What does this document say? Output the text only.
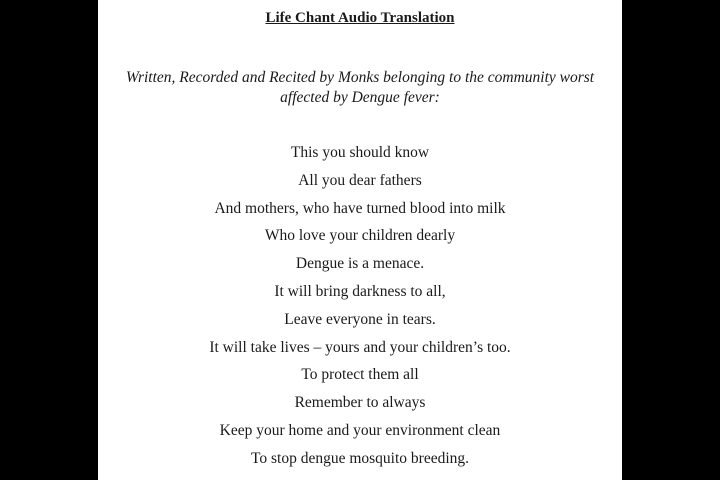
Life Chant Audio Translation

Written, Recorded and Recited by Monks belonging to the community worst
affected by Dengue fever:

This you should know
All you dear fathers
And mothers, who have turned blood into milk
Who love your children dearly
Dengue is a menace.
It will bring darkness to all,
Leave everyone in tears.
It will take lives – yours and your children’s too.
To protect them all
Remember to always
Keep your home and your environment clean
To stop dengue mosquito breeding.
